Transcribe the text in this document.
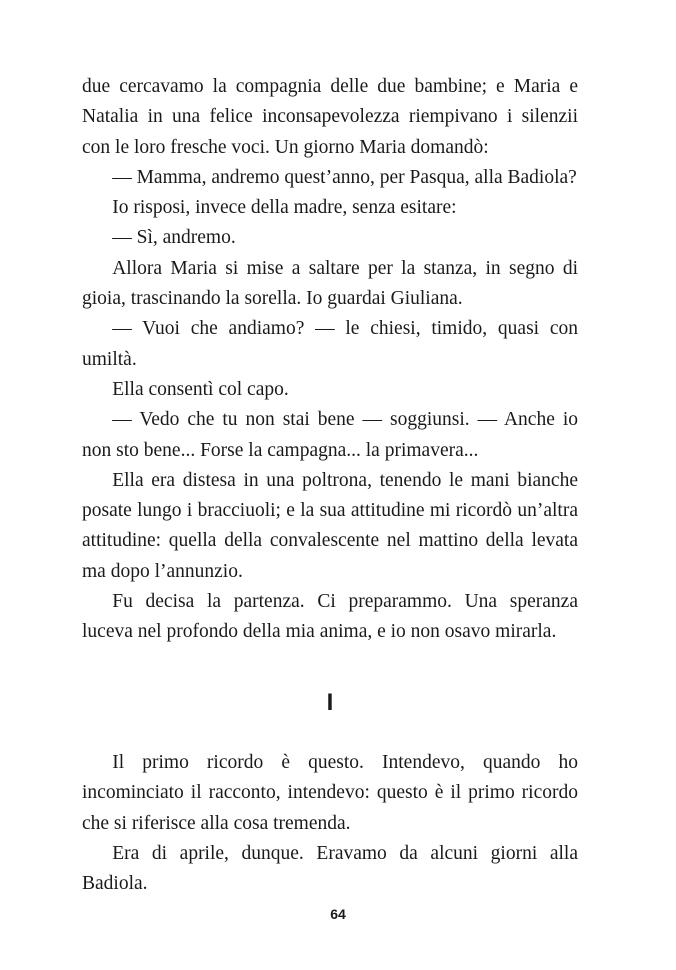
due cercavamo la compagnia delle due bambine; e Maria e Natalia in una felice inconsapevolezza riempivano i silenzii con le loro fresche voci. Un giorno Maria domandò:

— Mamma, andremo quest’anno, per Pasqua, alla Badiola?

Io risposi, invece della madre, senza esitare:

— Sì, andremo.

Allora Maria si mise a saltare per la stanza, in segno di gioia, trascinando la sorella. Io guardai Giuliana.

— Vuoi che andiamo? — le chiesi, timido, quasi con umiltà.

Ella consentì col capo.

— Vedo che tu non stai bene — soggiunsi. — Anche io non sto bene... Forse la campagna... la primavera...

Ella era distesa in una poltrona, tenendo le mani bianche posate lungo i bracciuoli; e la sua attitudine mi ricordò un’altra attitudine: quella della convalescente nel mattino della levata ma dopo l’annunzio.

Fu decisa la partenza. Ci preparammo. Una speranza luceva nel profondo della mia anima, e io non osavo mirarla.

I

Il primo ricordo è questo. Intendevo, quando ho incominciato il racconto, intendevo: questo è il primo ricordo che si riferisce alla cosa tremenda.

Era di aprile, dunque. Eravamo da alcuni giorni alla Badiola.

64
